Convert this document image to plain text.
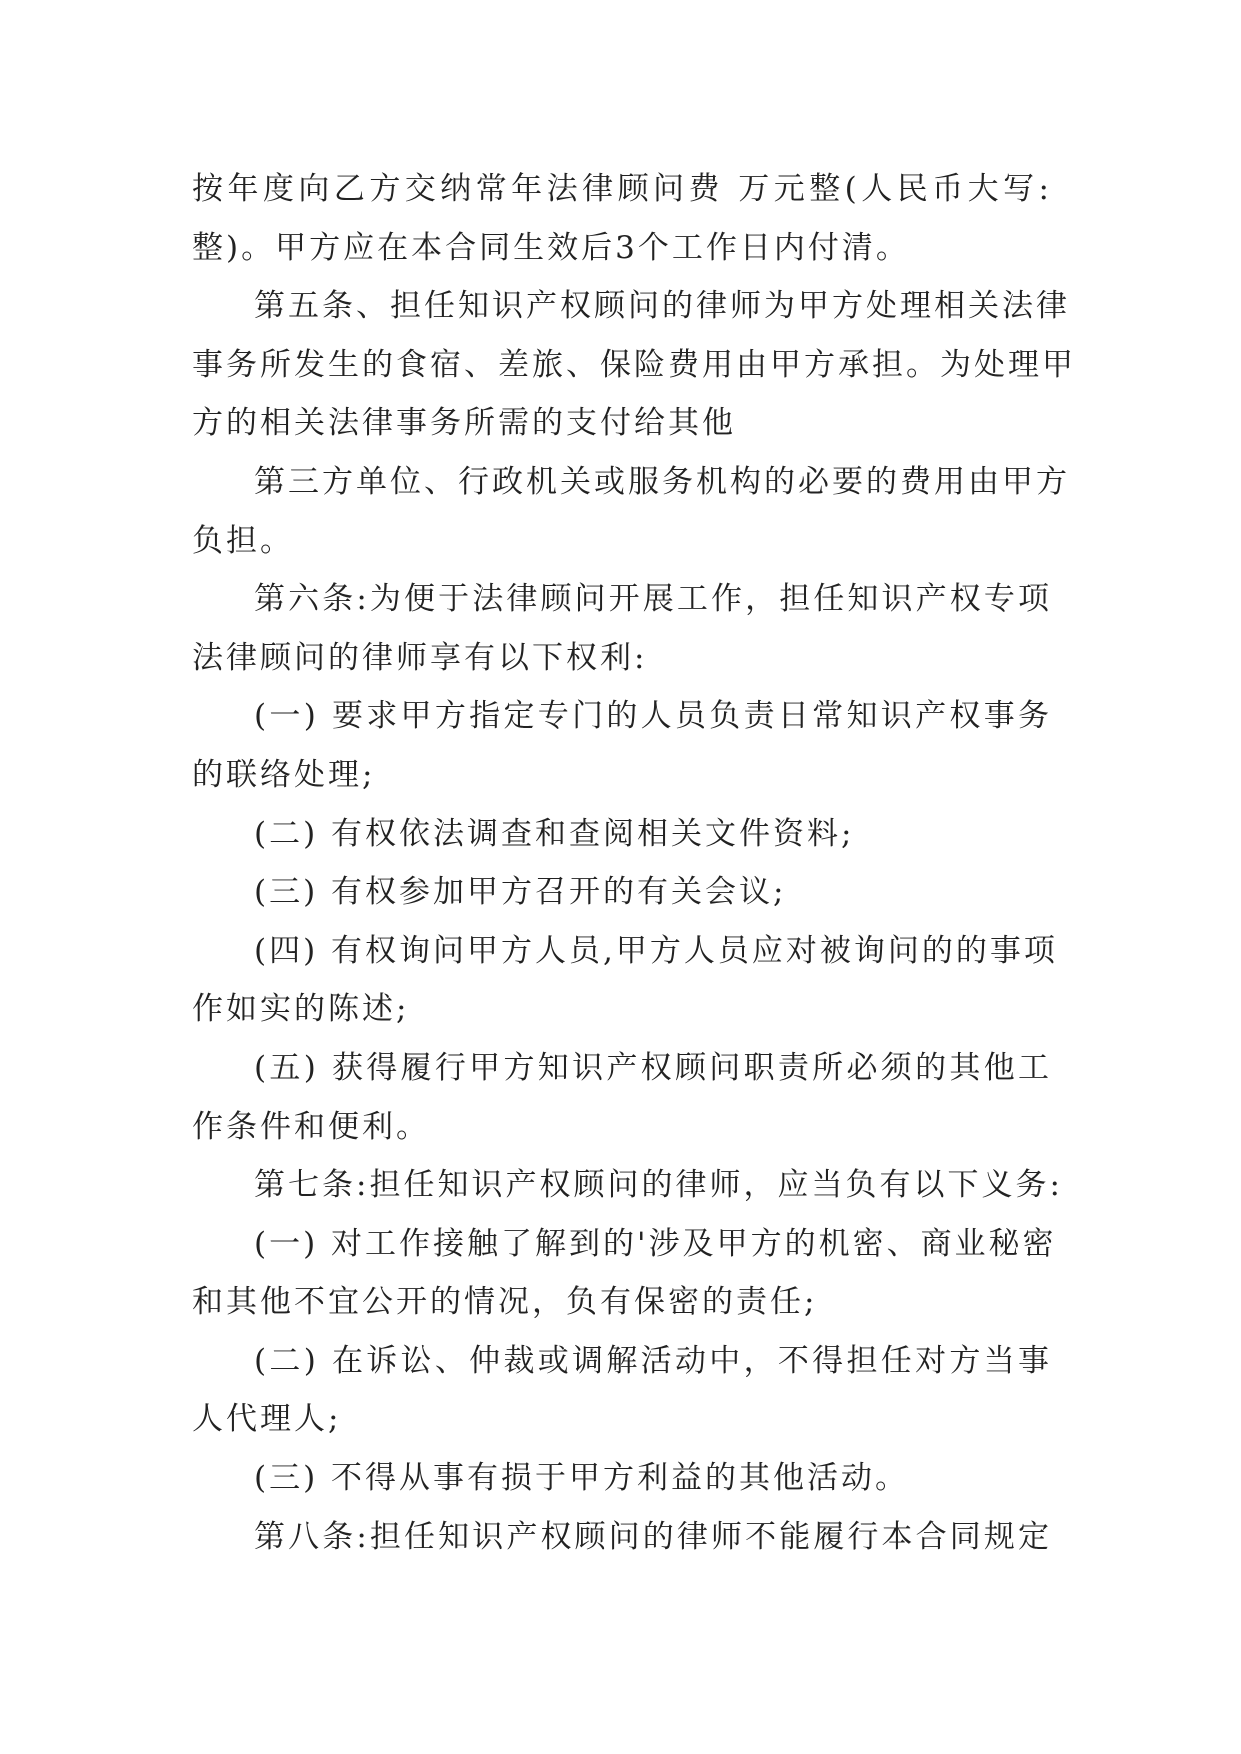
按年度向乙方交纳常年法律顾问费 万元整(人民币大写:
整)。甲方应在本合同生效后3个工作日内付清。
第五条、担任知识产权顾问的律师为甲方处理相关法律
事务所发生的食宿、差旅、保险费用由甲方承担。为处理甲
方的相关法律事务所需的支付给其他
第三方单位、行政机关或服务机构的必要的费用由甲方
负担。
第六条:为便于法律顾问开展工作，担任知识产权专项
法律顾问的律师享有以下权利:
(一) 要求甲方指定专门的人员负责日常知识产权事务
的联络处理;
(二) 有权依法调查和查阅相关文件资料;
(三) 有权参加甲方召开的有关会议;
(四) 有权询问甲方人员,甲方人员应对被询问的的事项
作如实的陈述;
(五) 获得履行甲方知识产权顾问职责所必须的其他工
作条件和便利。
第七条:担任知识产权顾问的律师，应当负有以下义务:
(一) 对工作接触了解到的'涉及甲方的机密、商业秘密
和其他不宜公开的情况，负有保密的责任;
(二) 在诉讼、仲裁或调解活动中，不得担任对方当事
人代理人;
(三) 不得从事有损于甲方利益的其他活动。
第八条:担任知识产权顾问的律师不能履行本合同规定
